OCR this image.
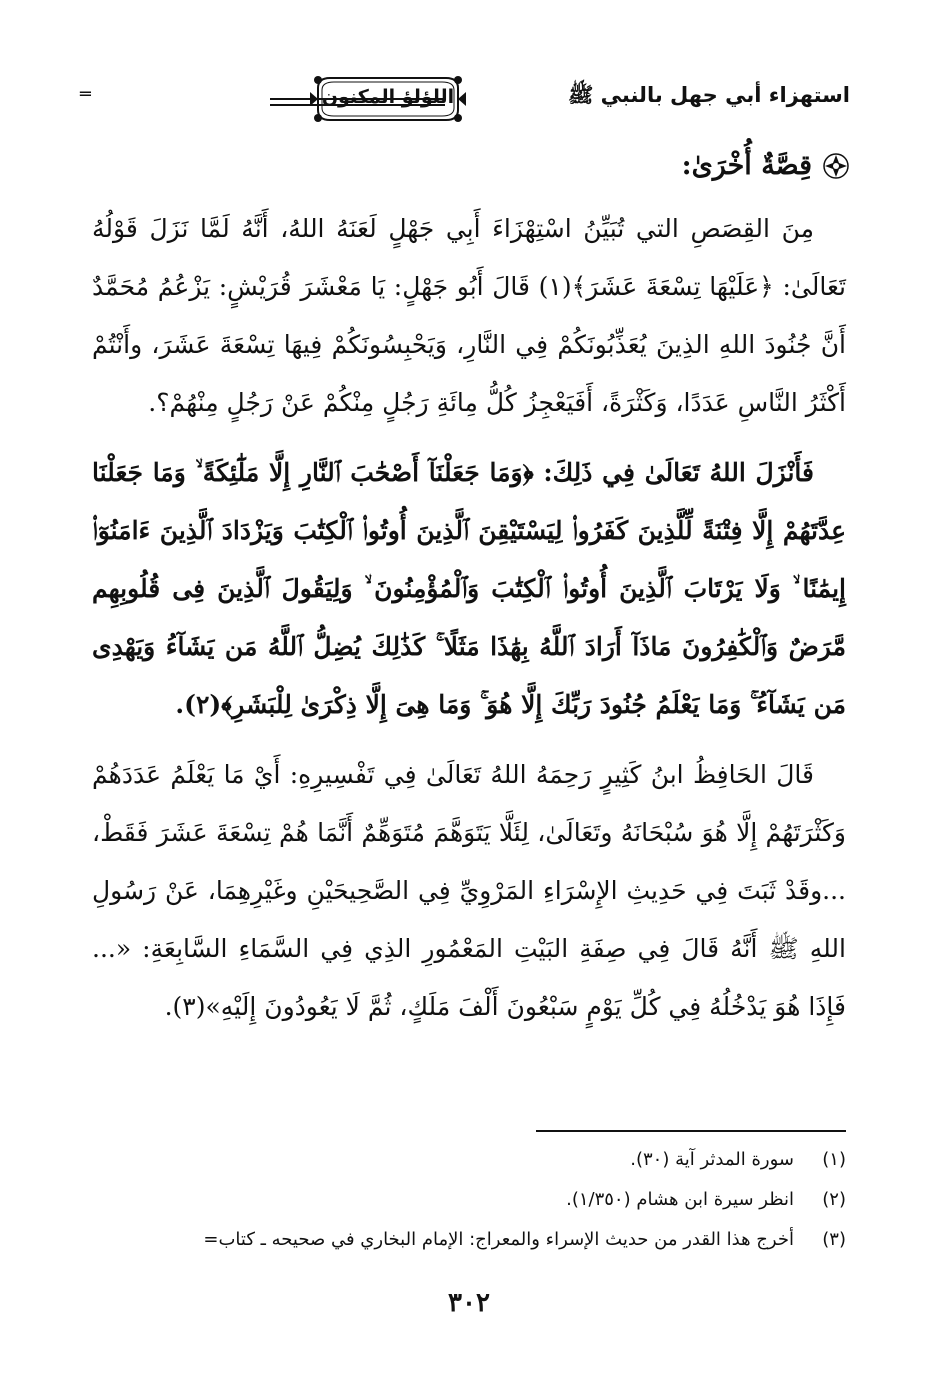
استهزاء أبي جهل بالنبي ﷺ
اللؤلؤ المكنون
═
قِصَّةٌ أُخْرَىٰ:

مِنَ القِصَصِ التي تُبَيِّنُ اسْتِهْزَاءَ أَبِي جَهْلٍ لَعَنَهُ اللهُ، أَنَّهُ لَمَّا نَزَلَ قَوْلُهُ تَعَالَىٰ: ﴿عَلَيْهَا تِسْعَةَ عَشَرَ﴾(١) قَالَ أَبُو جَهْلٍ: يَا مَعْشَرَ قُرَيْشٍ: يَزْعُمُ مُحَمَّدٌ أَنَّ جُنُودَ اللهِ الذِينَ يُعَذِّبُونَكُمْ فِي النَّارِ، وَيَحْبِسُونَكُمْ فِيهَا تِسْعَةَ عَشَرَ، وأَنْتُمْ أَكْثَرُ النَّاسِ عَدَدًا، وَكَثْرَةً، أَفَيَعْجِزُ كُلُّ مِائَةِ رَجُلٍ مِنْكُمْ عَنْ رَجُلٍ مِنْهُمْ؟.

فَأَنْزَلَ اللهُ تَعَالَىٰ فِي ذَلِكَ: ﴿وَمَا جَعَلْنَآ أَصْحَٰبَ ٱلنَّارِ إِلَّا مَلَٰٓئِكَةً ۙ وَمَا جَعَلْنَا عِدَّتَهُمْ إِلَّا فِتْنَةً لِّلَّذِينَ كَفَرُوا۟ لِيَسْتَيْقِنَ ٱلَّذِينَ أُوتُوا۟ ٱلْكِتَٰبَ وَيَزْدَادَ ٱلَّذِينَ ءَامَنُوٓا۟ إِيمَٰنًا ۙ وَلَا يَرْتَابَ ٱلَّذِينَ أُوتُوا۟ ٱلْكِتَٰبَ وَٱلْمُؤْمِنُونَ ۙ وَلِيَقُولَ ٱلَّذِينَ فِى قُلُوبِهِم مَّرَضٌ وَٱلْكَٰفِرُونَ مَاذَآ أَرَادَ ٱللَّهُ بِهَٰذَا مَثَلًا ۚ كَذَٰلِكَ يُضِلُّ ٱللَّهُ مَن يَشَآءُ وَيَهْدِى مَن يَشَآءُ ۚ وَمَا يَعْلَمُ جُنُودَ رَبِّكَ إِلَّا هُوَ ۚ وَمَا هِىَ إِلَّا ذِكْرَىٰ لِلْبَشَرِ﴾(٢).

قَالَ الحَافِظُ ابنُ كَثِيرٍ رَحِمَهُ اللهُ تَعَالَىٰ فِي تَفْسِيرِهِ: أَيْ مَا يَعْلَمُ عَدَدَهُمْ وَكَثْرَتَهُمْ إِلَّا هُوَ سُبْحَانَهُ وتَعَالَىٰ، لِئَلَّا يَتَوَهَّمَ مُتَوَهِّمٌ أَنَّمَا هُمْ تِسْعَةَ عَشَرَ فَقَطْ، ...وقَدْ ثَبَتَ فِي حَدِيثِ الإِسْرَاءِ المَرْوِيِّ فِي الصَّحِيحَيْنِ وغَيْرِهِمَا، عَنْ رَسُولِ اللهِ ﷺ أَنَّهُ قَالَ فِي صِفَةِ البَيْتِ المَعْمُورِ الذِي فِي السَّمَاءِ السَّابِعَةِ: «... فَإِذَا هُوَ يَدْخُلُهُ فِي كُلِّ يَوْمٍ سَبْعُونَ أَلْفَ مَلَكٍ، ثُمَّ لَا يَعُودُونَ إِلَيْهِ»(٣).

(١)
سورة المدثر آية (٣٠).
(٢)
انظر سيرة ابن هشام (١/٣٥٠).
(٣)
أخرج هذا القدر من حديث الإسراء والمعراج: الإمام البخاري في صحيحه ـ كتاب=
٣٠٢
